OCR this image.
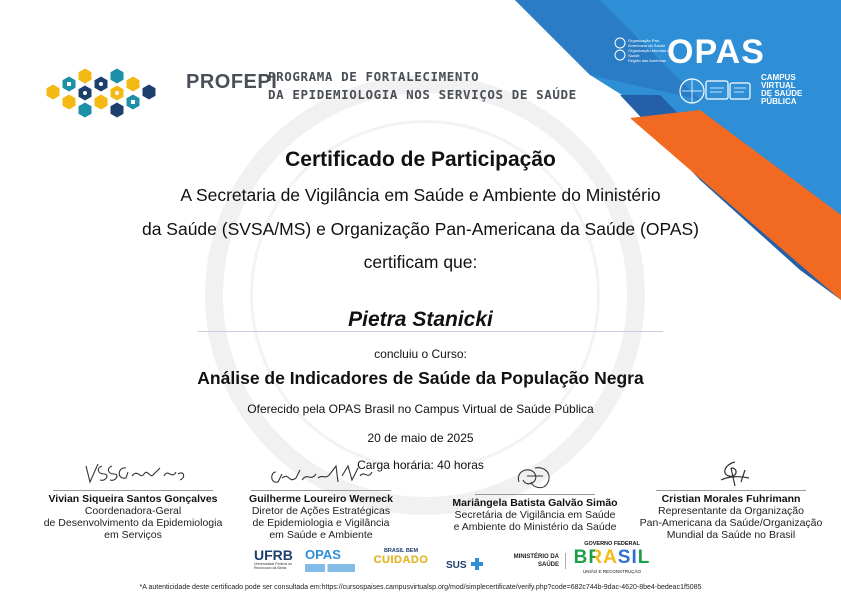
PROFEPI
PROGRAMA DE FORTALECIMENTO
DA EPIDEMIOLOGIA NOS SERVIÇOS DE SAÚDE
Organização Pan-Americana da Saúde
Organização Mundial da Saúde
Região das Américas OPAS
CAMPUS
VIRTUAL
DE SAÚDE
PÚBLICA
Certificado de Participação
A Secretaria de Vigilância em Saúde e Ambiente do Ministério
da Saúde (SVSA/MS) e Organização Pan-Americana da Saúde (OPAS)
certificam que:
Pietra Stanicki
concluiu o Curso:
Análise de Indicadores de Saúde da População Negra
Oferecido pela OPAS Brasil no Campus Virtual de Saúde Pública
20 de maio de 2025
Carga horária: 40 horas
Vivian Siqueira Santos Gonçalves
Coordenadora-Geral
de Desenvolvimento da Epidemiologia
em Serviços
Guilherme Loureiro Werneck
Diretor de Ações Estratégicas
de Epidemiologia e Vigilância
em Saúde e Ambiente
Mariângela Batista Galvão Simão
Secretária de Vigilância em Saúde
e Ambiente do Ministério da Saúde
Cristian Morales Fuhrimann
Representante da Organização
Pan-Americana da Saúde/Organização
Mundial da Saúde no Brasil
UFRB
Universidade Federal do Recôncavo da Bahia
OPAS	BRASIL BEM
CUIDADO	SUS
MINISTÉRIO DA
SAÚDE
GOVERNO FEDERAL
BRASIL
UNIÃO E RECONSTRUÇÃO
*A autenticidade deste certificado pode ser consultada em:https://cursospaises.campusvirtualsp.org/mod/simplecertificate/verify.php?code=682c744b-9dac-4620-8be4-bedeac1f5085
